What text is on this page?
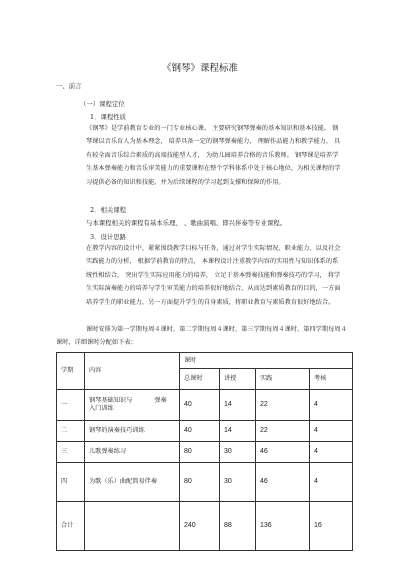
《钢琴》课程标准
一、前言
（一）课程定位
1．课程性质
《钢琴》是学前教育专业的一门专业核心课。 主要研究钢琴弹奏的基本知识和基本技能。 钢琴课以音乐育人为基本理念， 培养具备一定的钢琴弹奏能力， 理解作品能力和教学能力， 具有较全面音乐综合素质的高端技能型人才， 为幼儿园培养合格的音乐教师。 钢琴课是培养学生基本弹奏能力和音乐审美能力的重要课程在整个学科体系中处于核心地位，为相关课程的学习提供必备的知识和技能，并为后续课程的学习起到支撑和保障的作用。
2．相关课程
与本课程相关的课程有基本乐理、 、歌曲演唱、即兴伴奏等专业课程。
3．设计思路
在教学内容的设计中，紧紧围绕教学目标与任务，通过对学生实际情况、职业能力、以及社会实践能力的分析， 根据学前教育的特点， 本课程设计注重教学内容的实用性与知识体系的系统性相结合， 突出学生实际应用能力的培养， 立足于基本弹奏技能和弹奏技巧的学习， 将学生实际演奏能力的培养与学生审美能力的培养很好地结合，从而达到素质教育的目的，一方面培养学生的职业能力，另一方面提升学生的自身素质，将职业教育与素质教育很好地结合。
课时安排为第一学期每周４课时、第二学期每周４课时、第三学期每周４课时、第四学期每周４课时，详细课时分配如下表：
学期	内容	课时			
		总课时	讲授	实践	考核
一	钢琴基础知识与 弹奏
入门训练	40	14	22	4
二	钢琴的演奏技巧训练	40	14	22	4
三	儿歌弹奏练习	80	30	46	4
四	为歌（乐）曲配简易伴奏	80	30	46	4
合计		240	88	136	16
